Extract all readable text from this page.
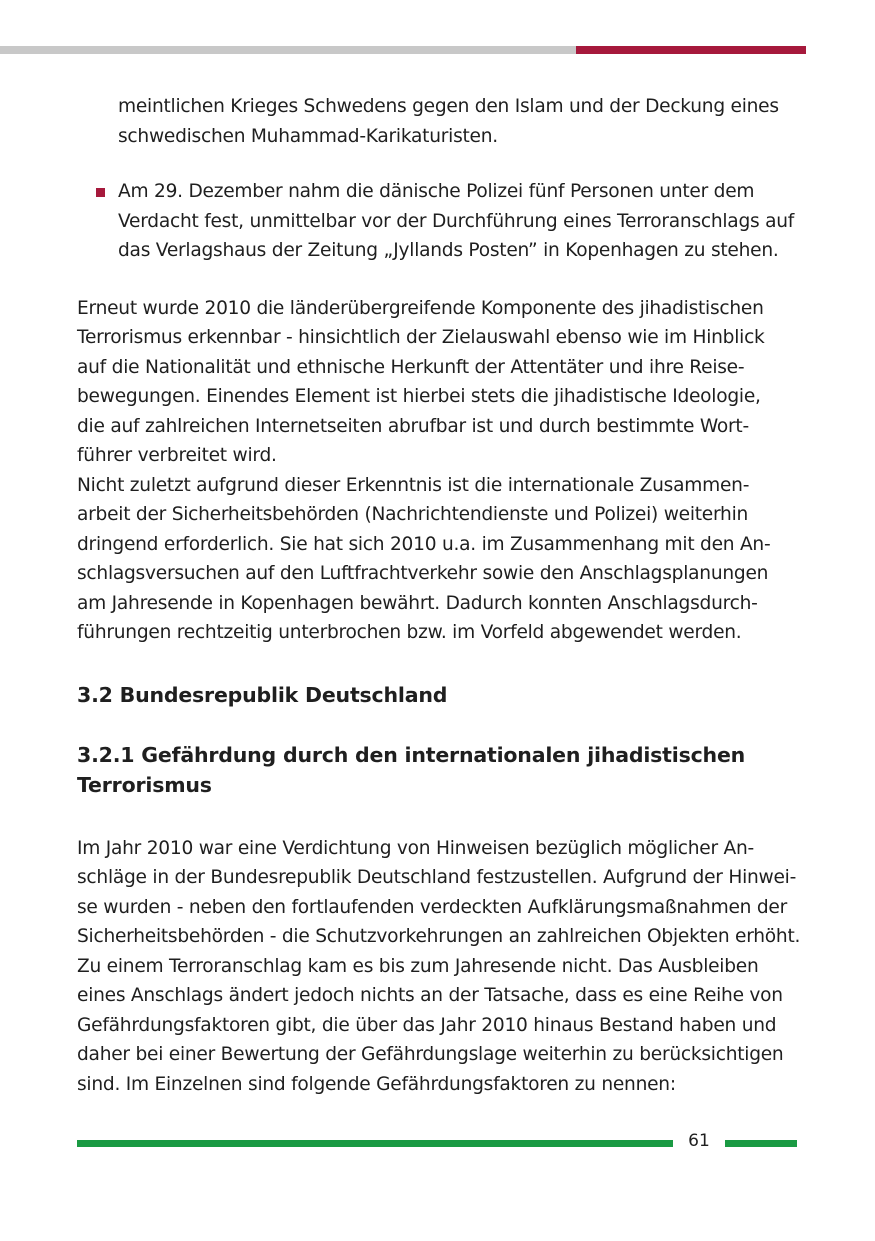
meintlichen Krieges Schwedens gegen den Islam und der Deckung eines
schwedischen Muhammad-Karikaturisten.

Am 29. Dezember nahm die dänische Polizei fünf Personen unter dem
Verdacht fest, unmittelbar vor der Durchführung eines Terroranschlags auf
das Verlagshaus der Zeitung „Jyllands Posten” in Kopenhagen zu stehen.

Erneut wurde 2010 die länderübergreifende Komponente des jihadistischen
Terrorismus erkennbar - hinsichtlich der Zielauswahl ebenso wie im Hinblick
auf die Nationalität und ethnische Herkunft der Attentäter und ihre Reise-
bewegungen. Einendes Element ist hierbei stets die jihadistische Ideologie,
die auf zahlreichen Internetseiten abrufbar ist und durch bestimmte Wort-
führer verbreitet wird.
Nicht zuletzt aufgrund dieser Erkenntnis ist die internationale Zusammen-
arbeit der Sicherheitsbehörden (Nachrichtendienste und Polizei) weiterhin
dringend erforderlich. Sie hat sich 2010 u.a. im Zusammenhang mit den An-
schlagsversuchen auf den Luftfrachtverkehr sowie den Anschlagsplanungen
am Jahresende in Kopenhagen bewährt. Dadurch konnten Anschlagsdurch-
führungen rechtzeitig unterbrochen bzw. im Vorfeld abgewendet werden.

3.2 Bundesrepublik Deutschland
3.2.1 Gefährdung durch den internationalen jihadistischen
Terrorismus

Im Jahr 2010 war eine Verdichtung von Hinweisen bezüglich möglicher An-
schläge in der Bundesrepublik Deutschland festzustellen. Aufgrund der Hinwei-
se wurden - neben den fortlaufenden verdeckten Aufklärungsmaßnahmen der
Sicherheitsbehörden - die Schutzvorkehrungen an zahlreichen Objekten erhöht.
Zu einem Terroranschlag kam es bis zum Jahresende nicht. Das Ausbleiben
eines Anschlags ändert jedoch nichts an der Tatsache, dass es eine Reihe von
Gefährdungsfaktoren gibt, die über das Jahr 2010 hinaus Bestand haben und
daher bei einer Bewertung der Gefährdungslage weiterhin zu berücksichtigen
sind. Im Einzelnen sind folgende Gefährdungsfaktoren zu nennen:

61
